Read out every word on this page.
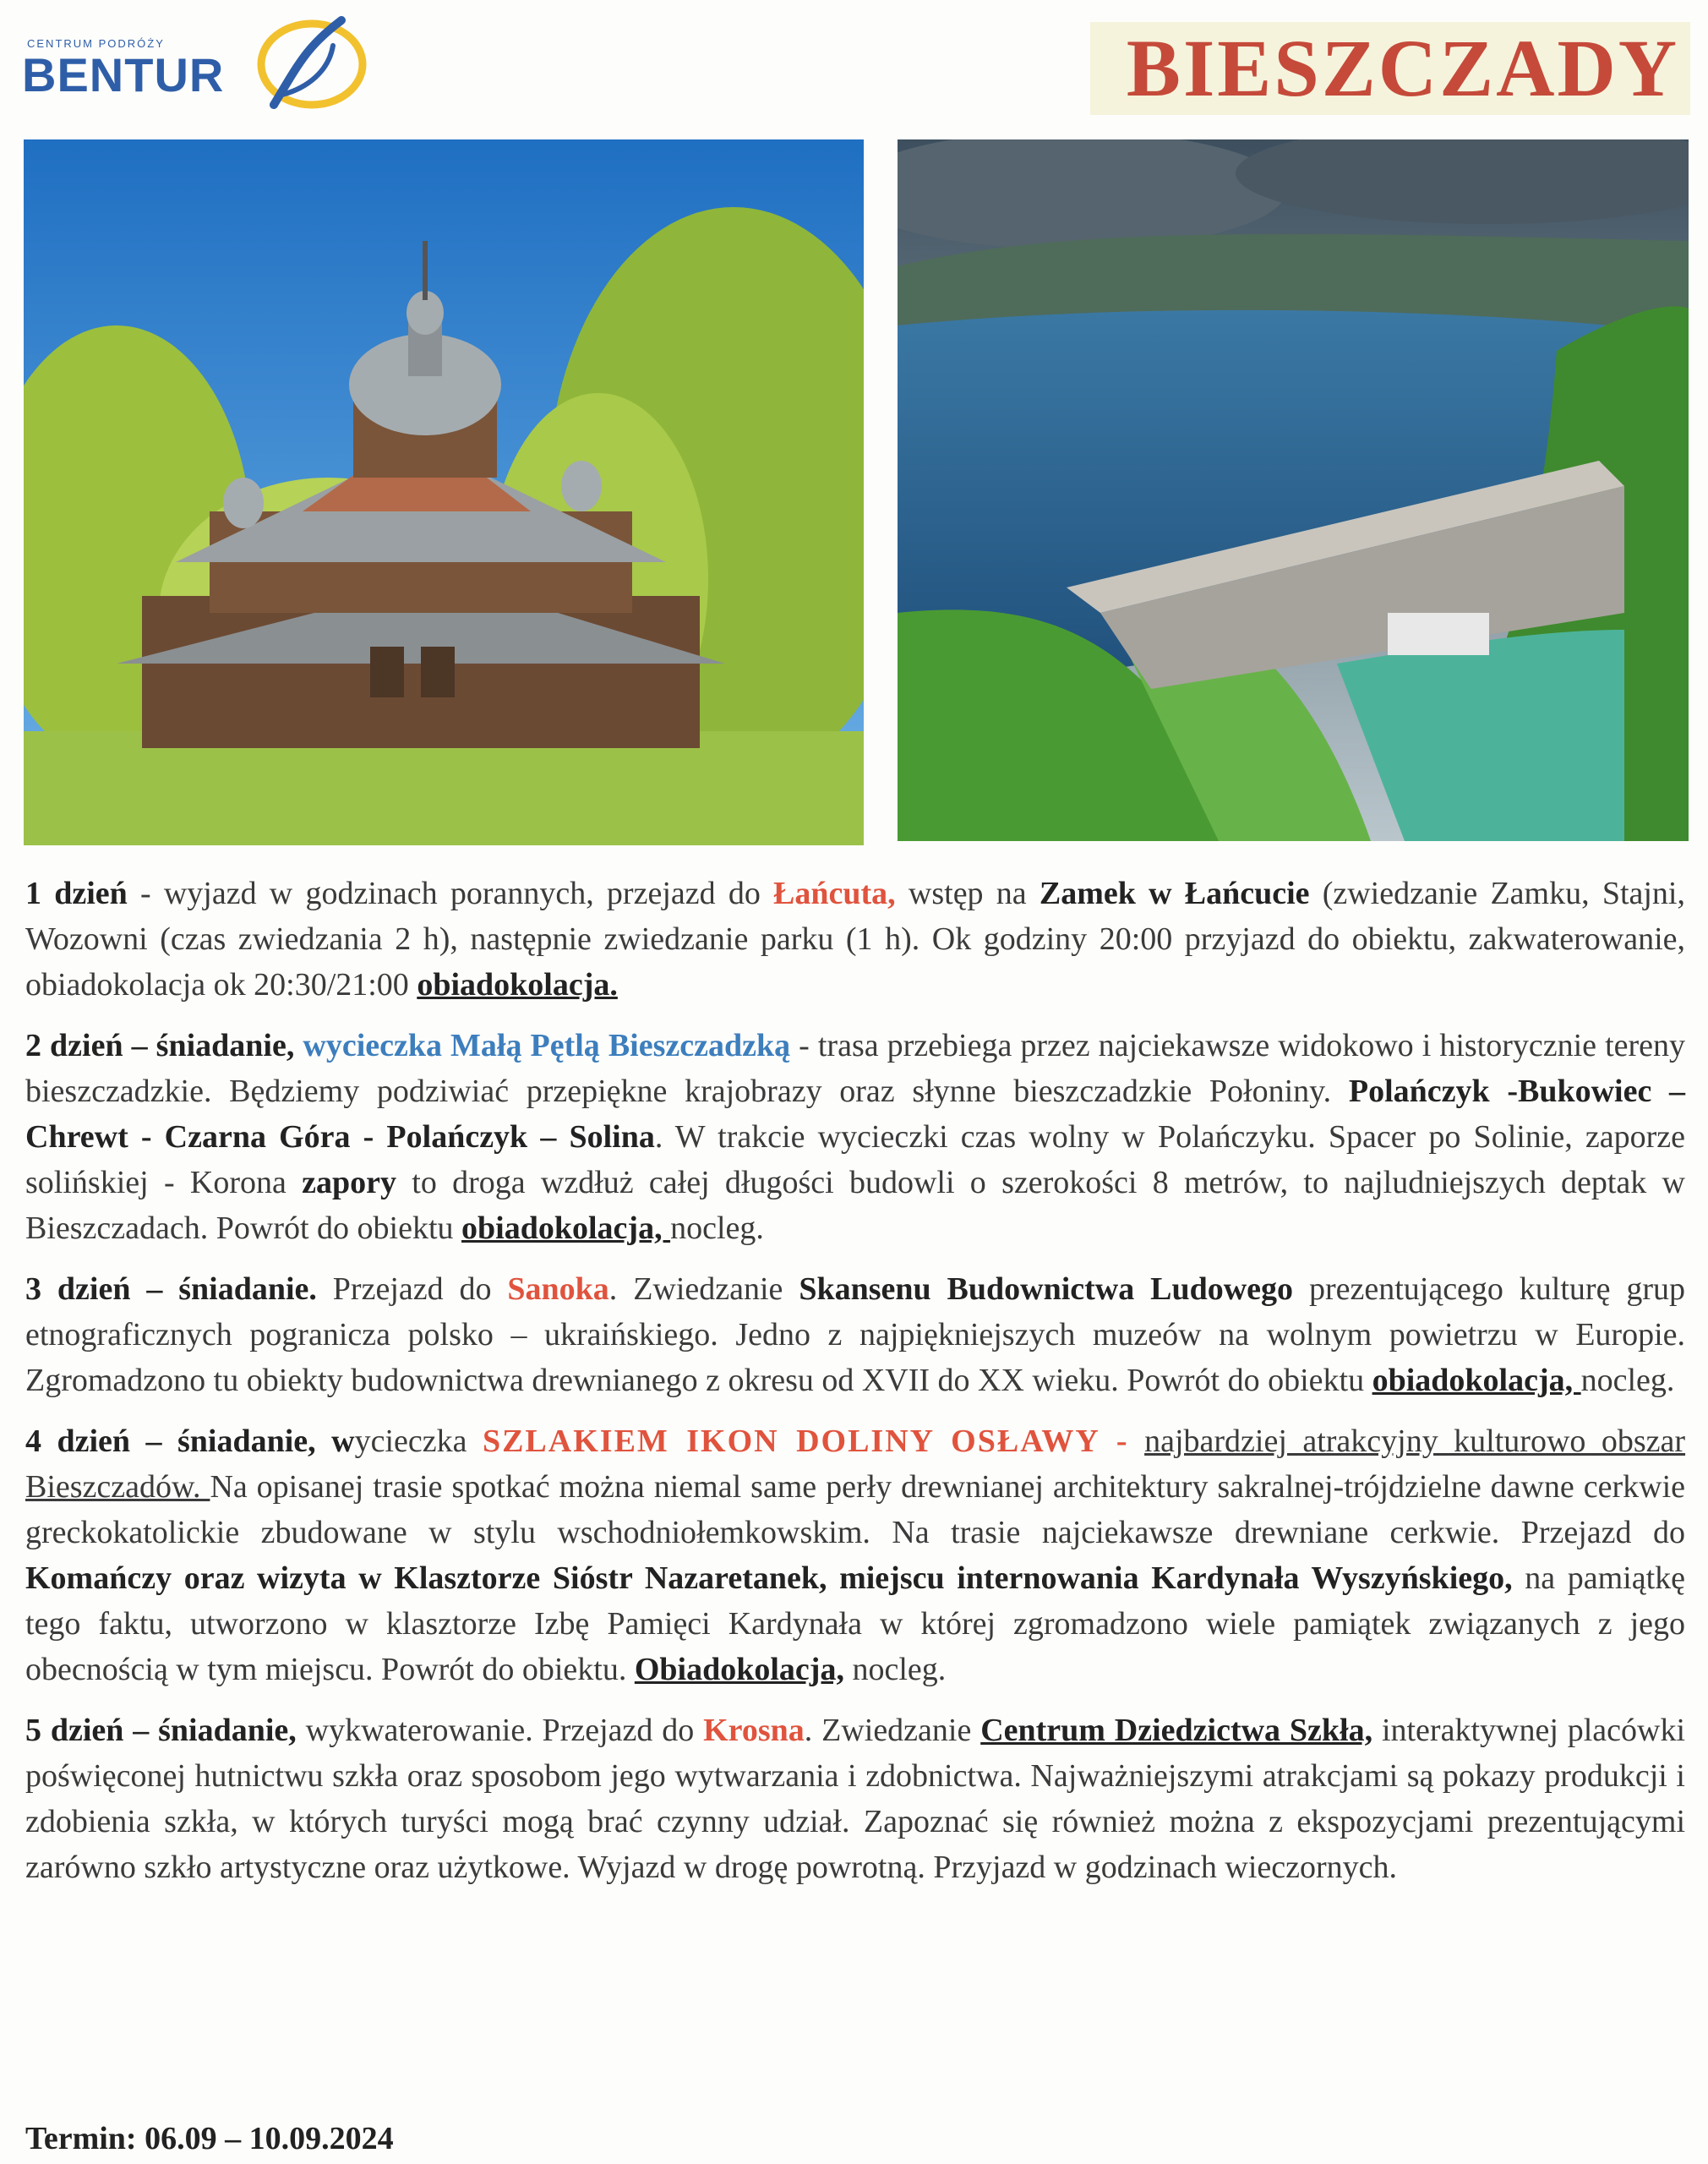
CENTRUM PODRÓŻY
BENTUR	BIESZCZADY

1 dzień - wyjazd w godzinach porannych, przejazd do Łańcuta, wstęp na Zamek w Łańcucie (zwiedzanie Zamku, Stajni, Wozowni (czas zwiedzania 2 h), następnie zwiedzanie parku (1 h). Ok godziny 20:00 przyjazd do obiektu, zakwaterowanie, obiadokolacja ok 20:30/21:00 obiadokolacja.

2 dzień – śniadanie, wycieczka Małą Pętlą Bieszczadzką - trasa przebiega przez najciekawsze widokowo i historycznie tereny bieszczadzkie. Będziemy podziwiać przepiękne krajobrazy oraz słynne bieszczadzkie Połoniny. Polańczyk -Bukowiec – Chrewt - Czarna Góra - Polańczyk – Solina. W trakcie wycieczki czas wolny w Polańczyku. Spacer po Solinie, zaporze solińskiej - Korona zapory to droga wzdłuż całej długości budowli o szerokości 8 metrów, to najludniejszych deptak w Bieszczadach. Powrót do obiektu obiadokolacja, nocleg.

3 dzień – śniadanie. Przejazd do Sanoka. Zwiedzanie Skansenu Budownictwa Ludowego prezentującego kulturę grup etnograficznych pogranicza polsko – ukraińskiego. Jedno z najpiękniejszych muzeów na wolnym powietrzu w Europie. Zgromadzono tu obiekty budownictwa drewnianego z okresu od XVII do XX wieku. Powrót do obiektu obiadokolacja, nocleg.

4 dzień – śniadanie, wycieczka SZLAKIEM IKON DOLINY OSŁAWY - najbardziej atrakcyjny kulturowo obszar Bieszczadów. Na opisanej trasie spotkać można niemal same perły drewnianej architektury sakralnej-trójdzielne dawne cerkwie greckokatolickie zbudowane w stylu wschodniołemkowskim. Na trasie najciekawsze drewniane cerkwie. Przejazd do Komańczy oraz wizyta w Klasztorze Sióstr Nazaretanek, miejscu internowania Kardynała Wyszyńskiego, na pamiątkę tego faktu, utworzono w klasztorze Izbę Pamięci Kardynała w której zgromadzono wiele pamiątek związanych z jego obecnością w tym miejscu. Powrót do obiektu. Obiadokolacja, nocleg.

5 dzień – śniadanie, wykwaterowanie. Przejazd do Krosna. Zwiedzanie Centrum Dziedzictwa Szkła, interaktywnej placówki poświęconej hutnictwu szkła oraz sposobom jego wytwarzania i zdobnictwa. Najważniejszymi atrakcjami są pokazy produkcji i zdobienia szkła, w których turyści mogą brać czynny udział. Zapoznać się również można z ekspozycjami prezentującymi zarówno szkło artystyczne oraz użytkowe. Wyjazd w drogę powrotną. Przyjazd w godzinach wieczornych.

Termin: 06.09 – 10.09.2024
